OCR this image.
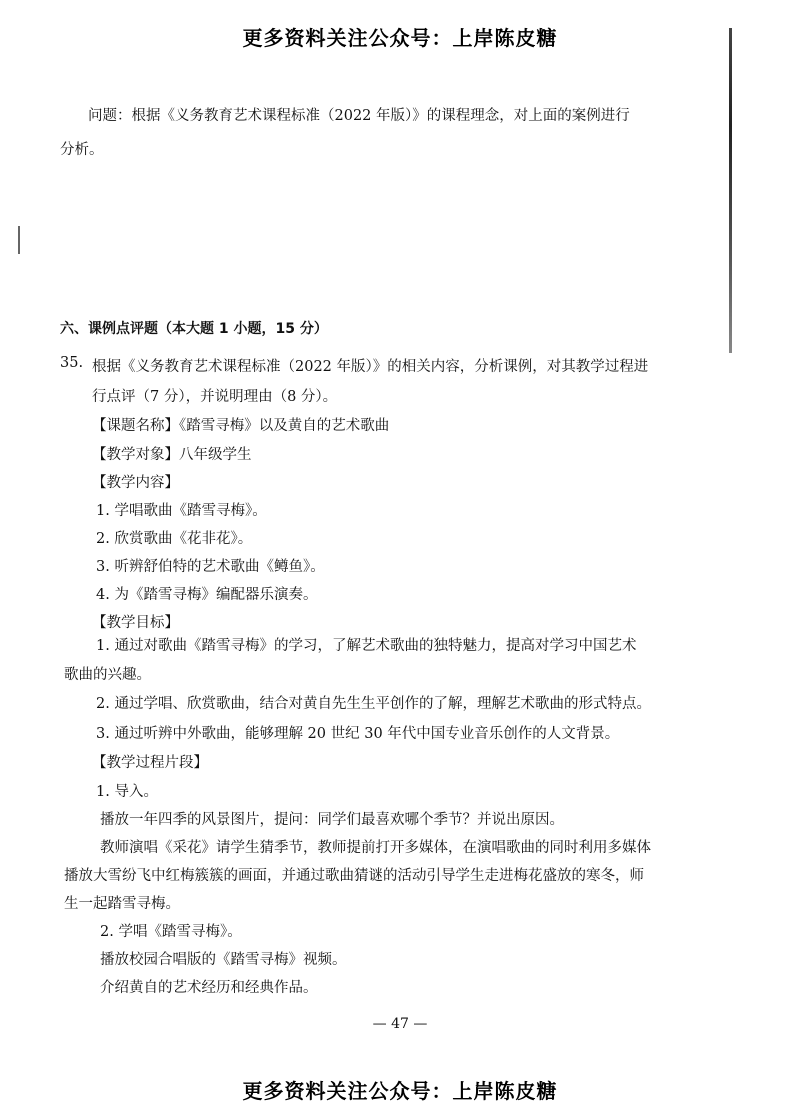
更多资料关注公众号：上岸陈皮糖
问题：根据《义务教育艺术课程标准（2022 年版）》的课程理念，对上面的案例进行
分析。
六、课例点评题（本大题 1 小题，15 分）
35. 根据《义务教育艺术课程标准（2022 年版）》的相关内容，分析课例，对其教学过程进
行点评（7 分），并说明理由（8 分）。
【课题名称】《踏雪寻梅》以及黄自的艺术歌曲
【教学对象】八年级学生
【教学内容】
1. 学唱歌曲《踏雪寻梅》。
2. 欣赏歌曲《花非花》。
3. 听辨舒伯特的艺术歌曲《鳟鱼》。
4. 为《踏雪寻梅》编配器乐演奏。
【教学目标】
1. 通过对歌曲《踏雪寻梅》的学习，了解艺术歌曲的独特魅力，提高对学习中国艺术
歌曲的兴趣。
2. 通过学唱、欣赏歌曲，结合对黄自先生生平创作的了解，理解艺术歌曲的形式特点。
3. 通过听辨中外歌曲，能够理解 20 世纪 30 年代中国专业音乐创作的人文背景。
【教学过程片段】
1. 导入。
播放一年四季的风景图片，提问：同学们最喜欢哪个季节？并说出原因。
教师演唱《采花》请学生猜季节，教师提前打开多媒体，在演唱歌曲的同时利用多媒体
播放大雪纷飞中红梅簇簇的画面，并通过歌曲猜谜的活动引导学生走进梅花盛放的寒冬，师
生一起踏雪寻梅。
2. 学唱《踏雪寻梅》。
播放校园合唱版的《踏雪寻梅》视频。
介绍黄自的艺术经历和经典作品。
— 47 —
更多资料关注公众号：上岸陈皮糖
